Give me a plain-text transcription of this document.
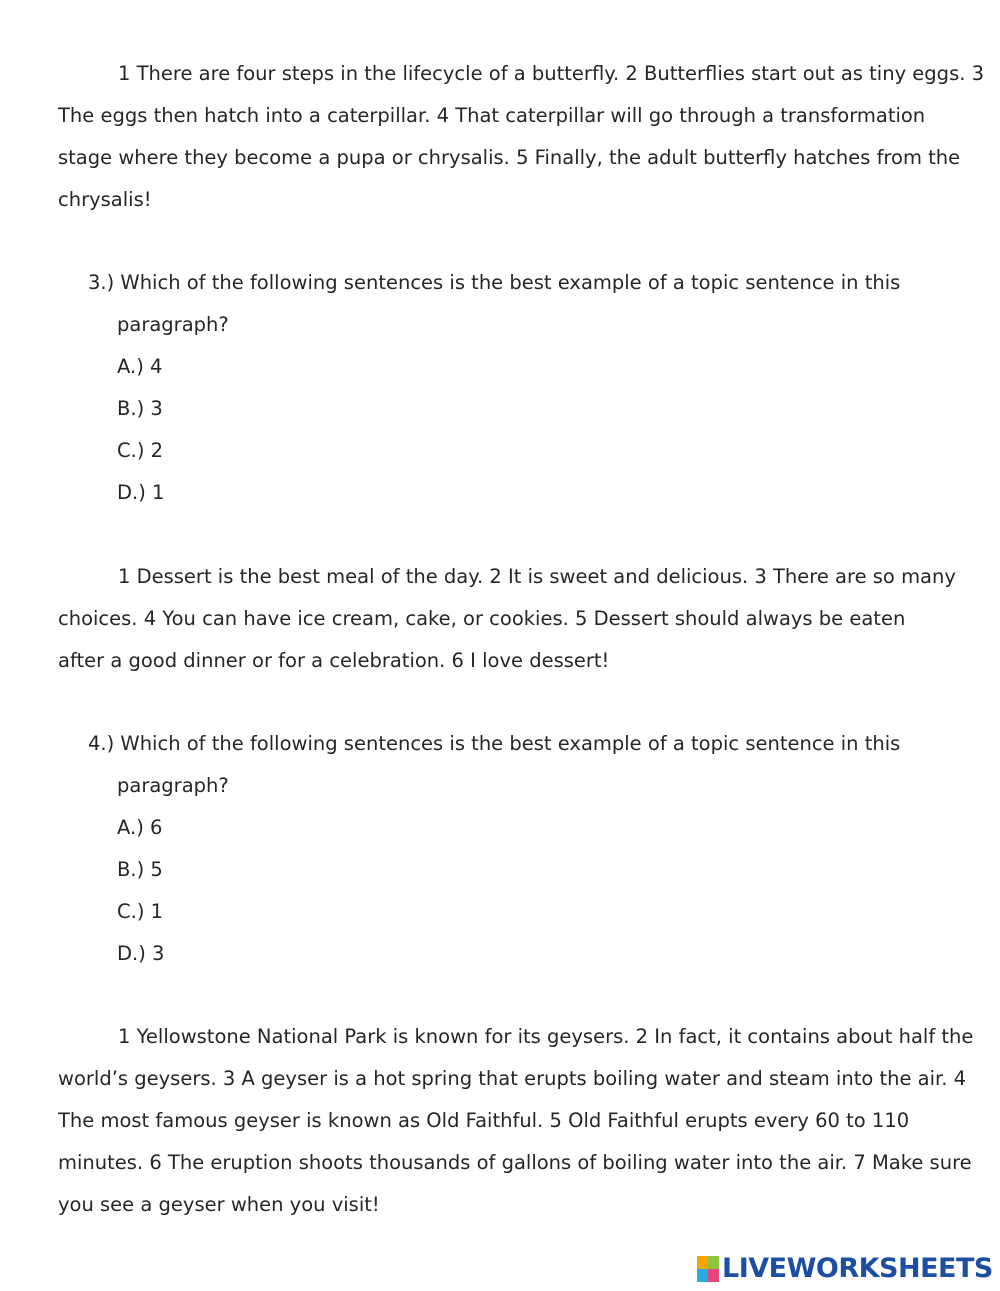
1 There are four steps in the lifecycle of a butterfly. 2 Butterflies start out as tiny eggs. 3
The eggs then hatch into a caterpillar. 4 That caterpillar will go through a transformation
stage where they become a pupa or chrysalis. 5 Finally, the adult butterfly hatches from the
chrysalis!
3.) Which of the following sentences is the best example of a topic sentence in this
paragraph?
A.) 4
B.) 3
C.) 2
D.) 1
1 Dessert is the best meal of the day. 2 It is sweet and delicious. 3 There are so many
choices. 4 You can have ice cream, cake, or cookies. 5 Dessert should always be eaten
after a good dinner or for a celebration. 6 I love dessert!
4.) Which of the following sentences is the best example of a topic sentence in this
paragraph?
A.) 6
B.) 5
C.) 1
D.) 3
1 Yellowstone National Park is known for its geysers. 2 In fact, it contains about half the
world’s geysers. 3 A geyser is a hot spring that erupts boiling water and steam into the air. 4
The most famous geyser is known as Old Faithful. 5 Old Faithful erupts every 60 to 110
minutes. 6 The eruption shoots thousands of gallons of boiling water into the air. 7 Make sure
you see a geyser when you visit!
LIVEWORKSHEETS
